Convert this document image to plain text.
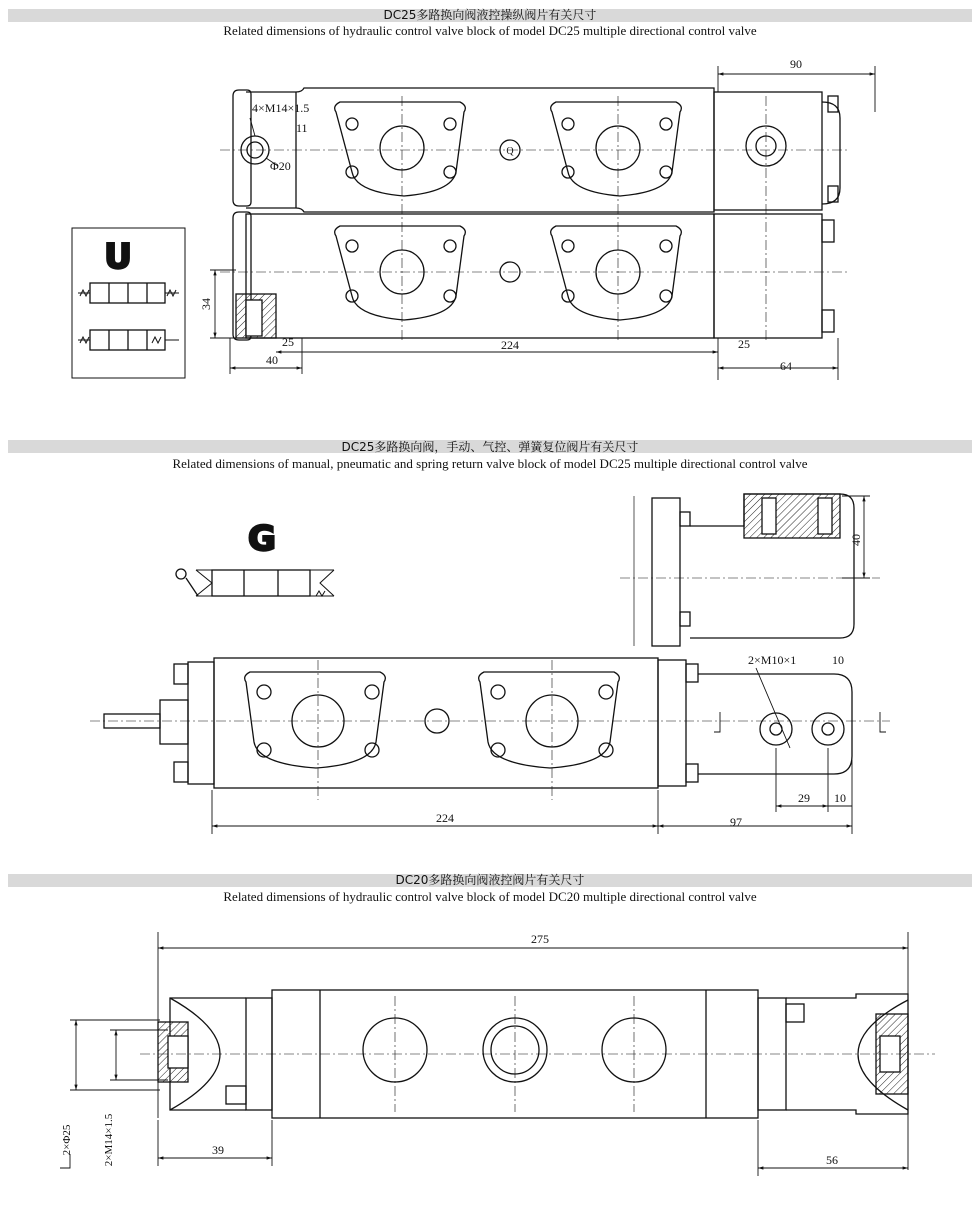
DC25多路换向阀液控操纵阀片有关尺寸
Related dimensions of hydraulic control valve block of model DC25 multiple directional control valve
DC25多路换向阀，手动、气控、弹簧复位阀片有关尺寸
Related dimensions of manual, pneumatic and spring return valve block of model DC25 multiple directional control valve
DC20多路换向阀液控阀片有关尺寸
Related dimensions of hydraulic control valve block of model DC20 multiple directional control valve
U
4×M14×1.5
11
Φ20
Q
90
34
25	224	25
40	64
G	40
2×M10×1	10
224	97
29 10
275
39
56
2×Φ25	2×M14×1.5
